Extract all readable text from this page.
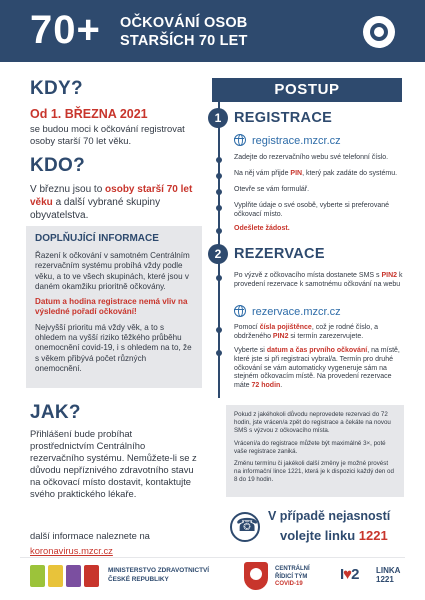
70+ OČKOVÁNÍ OSOB
STARŠÍCH 70 LET
KDY?
Od 1. BŘEZNA 2021
se budou moci k očkování registrovat osoby starší 70 let věku.
KDO?
V březnu jsou to osoby starší 70 let věku a další vybrané skupiny obyvatelstva.
DOPLŇUJÍCÍ INFORMACE
Řazení k očkování v samotném Centrálním rezervačním systému probíhá vždy podle věku, a to ve všech skupinách, které jsou v daném okamžiku prioritně očkovány.
Datum a hodina registrace nemá vliv na výsledné pořadí očkování!
Nejvyšší prioritu má vždy věk, a to s ohledem na vyšší riziko těžkého průběhu onemocnění covid-19, i s ohledem na to, že s věkem přibývá počet různých onemocnění.
JAK?
Přihlášení bude probíhat prostřednictvím Centrálního rezervačního systému. Nemůžete-li se z důvodu nepříznivého zdravotního stavu na očkovací místo dostavit, kontaktujte svého praktického lékaře.
další informace naleznete na
koronavirus.mzcr.cz
POSTUP
1 REGISTRACE
registrace.mzcr.cz
Zadejte do rezervačního webu své telefonní číslo.
Na něj vám přijde PIN, který pak zadáte do systému.
Otevře se vám formulář.
Vyplňte údaje o své osobě, vyberte si preferované očkovací místo.
Odešlete žádost.
2 REZERVACE
Po výzvě z očkovacího místa dostanete SMS s PIN2 k provedení rezervace k samotnému očkování na webu
rezervace.mzcr.cz
Pomocí čísla pojištěnce, což je rodné číslo, a obdrženého PIN2 si termín zarezervujete.
Vyberte si datum a čas prvního očkování, na místě, které jste si při registraci vybral/a. Termín pro druhé očkování se vám automaticky vygeneruje sám na stejném očkovacím místě. Na provedení rezervace máte 72 hodin.
Pokud z jakéhokoli důvodu neprovedete rezervaci do 72 hodin, jste vrácen/a zpět do registrace a čekáte na novou SMS s výzvou z očkovacího místa.
Vrácení/a do registrace můžete být maximálně 3×, poté vaše registrace zaniká.
Změnu termínu či jakékoli další změny je možné provést na informační lince 1221, která je k dispozici každý den od 8 do 19 hodin.
☎
V případě nejasností
volejte linku 1221
MINISTERSTVO ZDRAVOTNICTVÍ
ČESKÉ REPUBLIKY
CENTRÁLNÍ
ŘÍDICÍ TÝM
COVID-19
I♥2 LINKA
1221
